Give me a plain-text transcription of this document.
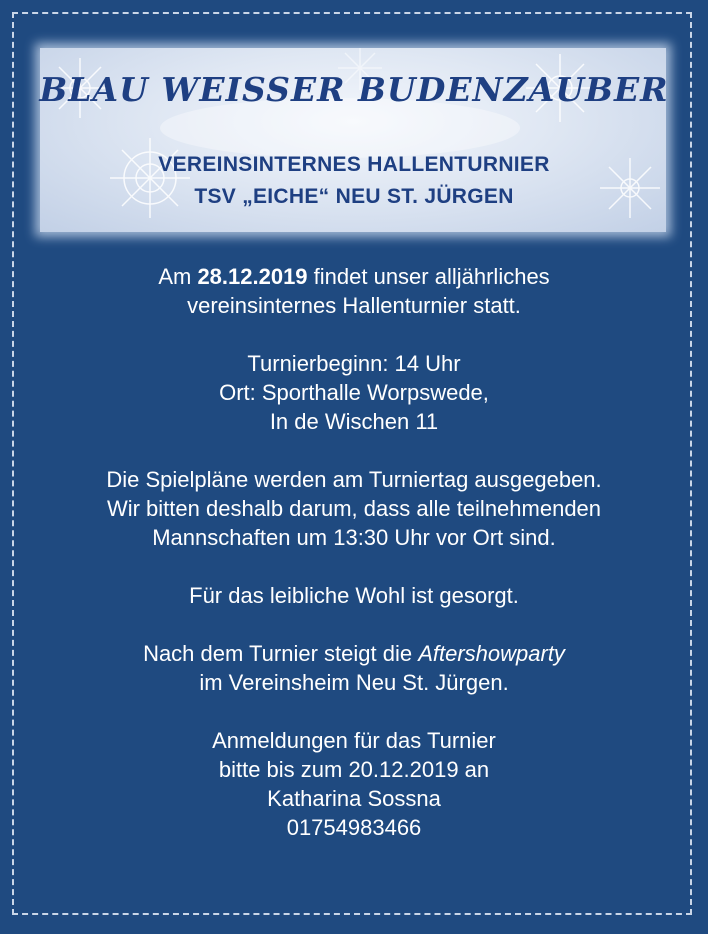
BLAU WEISSER BUDENZAUBER

VEREINSINTERNES HALLENTURNIER

TSV „EICHE“ NEU ST. JÜRGEN

Am 28.12.2019 findet unser alljährliches
vereinsinternes Hallenturnier statt.

Turnierbeginn: 14 Uhr
Ort: Sporthalle Worpswede,
In de Wischen 11

Die Spielpläne werden am Turniertag ausgegeben.
Wir bitten deshalb darum, dass alle teilnehmenden
Mannschaften um 13:30 Uhr vor Ort sind.

Für das leibliche Wohl ist gesorgt.

Nach dem Turnier steigt die Aftershowparty
im Vereinsheim Neu St. Jürgen.

Anmeldungen für das Turnier
bitte bis zum 20.12.2019 an
Katharina Sossna
01754983466
